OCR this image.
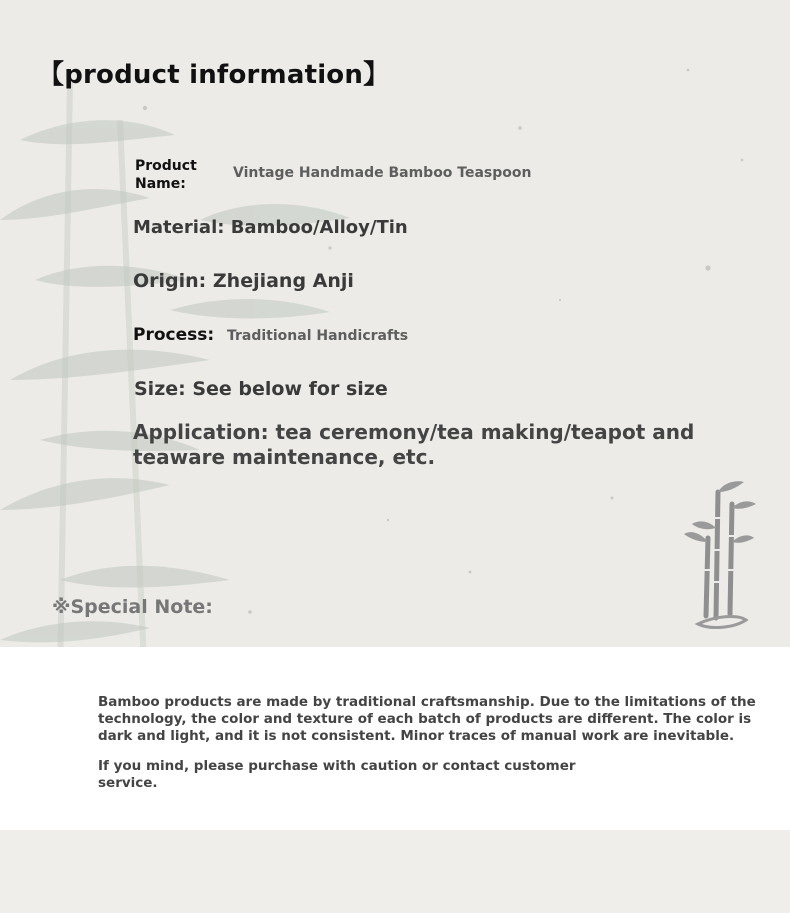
【product information】
Product
Name:
Vintage Handmade Bamboo Teaspoon
Material: Bamboo/Alloy/Tin
Origin: Zhejiang Anji
Process: Traditional Handicrafts
Size: See below for size
Application: tea ceremony/tea making/teapot and
teaware maintenance, etc.
※Special Note:
Bamboo products are made by traditional craftsmanship. Due to the limitations of the
technology, the color and texture of each batch of products are different. The color is
dark and light, and it is not consistent. Minor traces of manual work are inevitable.
If you mind, please purchase with caution or contact customer
service.
